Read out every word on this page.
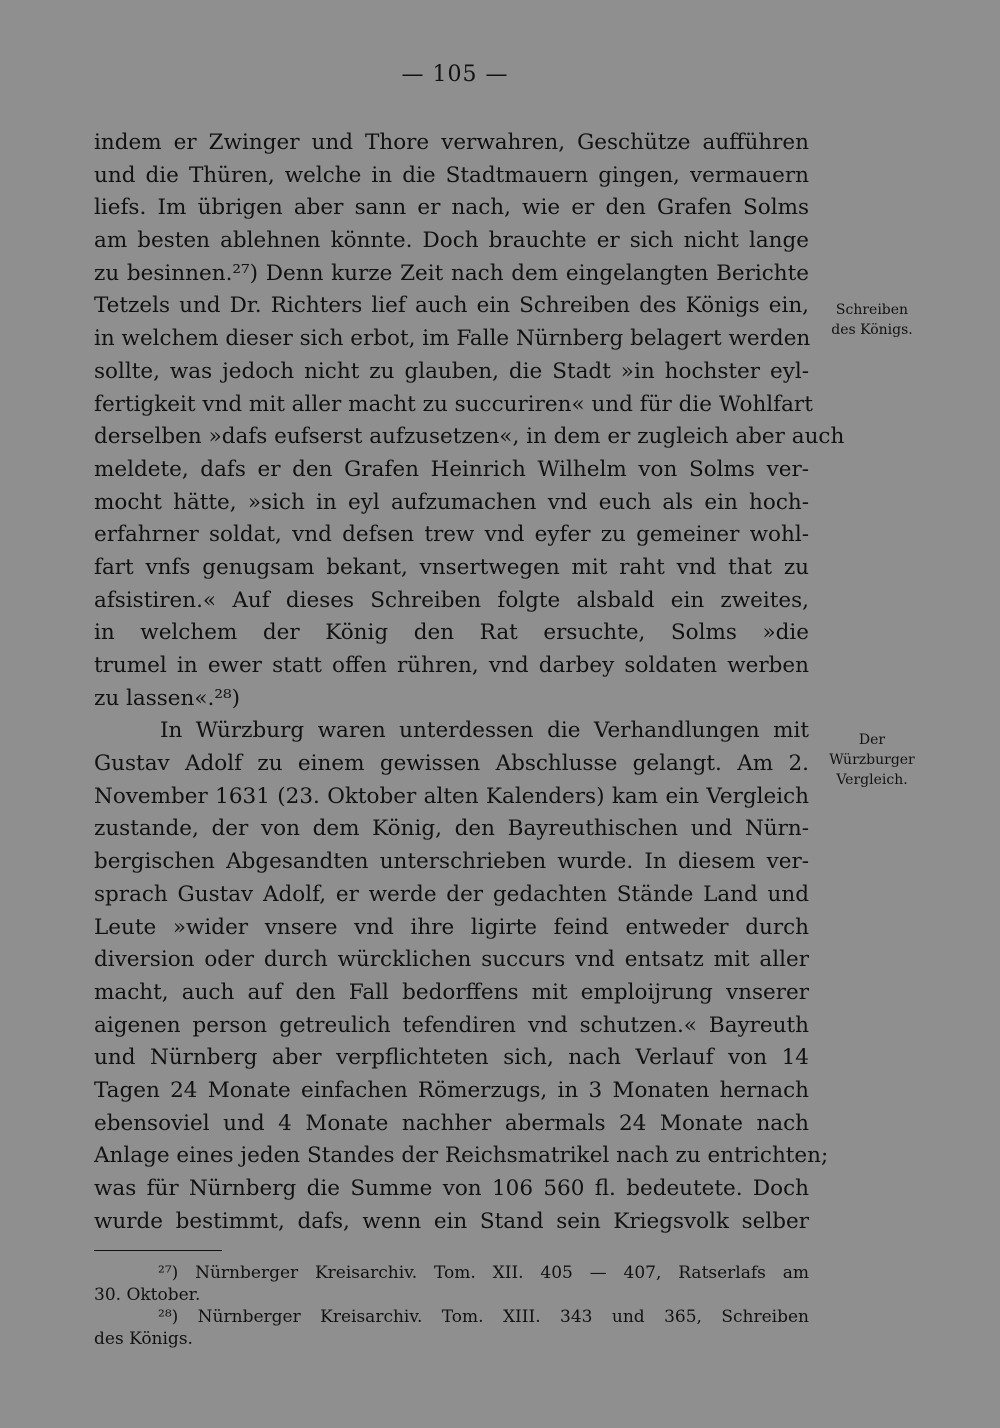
— 105 —
indem er Zwinger und Thore verwahren, Geschütze aufführen
und die Thüren, welche in die Stadtmauern gingen, vermauern
liefs. Im übrigen aber sann er nach, wie er den Grafen Solms
am besten ablehnen könnte. Doch brauchte er sich nicht lange
zu besinnen.²⁷) Denn kurze Zeit nach dem eingelangten Berichte
Tetzels und Dr. Richters lief auch ein Schreiben des Königs ein,
in welchem dieser sich erbot, im Falle Nürnberg belagert werden
sollte, was jedoch nicht zu glauben, die Stadt »in hochster eyl-
fertigkeit vnd mit aller macht zu succuriren« und für die Wohlfart
derselben »dafs eufserst aufzusetzen«, in dem er zugleich aber auch
meldete, dafs er den Grafen Heinrich Wilhelm von Solms ver-
mocht hätte, »sich in eyl aufzumachen vnd euch als ein hoch-
erfahrner soldat, vnd defsen trew vnd eyfer zu gemeiner wohl-
fart vnfs genugsam bekant, vnsertwegen mit raht vnd that zu
afsistiren.« Auf dieses Schreiben folgte alsbald ein zweites,
in welchem der König den Rat ersuchte, Solms »die
trumel in ewer statt offen rühren, vnd darbey soldaten werben
zu lassen«.²⁸)
In Würzburg waren unterdessen die Verhandlungen mit
Gustav Adolf zu einem gewissen Abschlusse gelangt. Am 2.
November 1631 (23. Oktober alten Kalenders) kam ein Vergleich
zustande, der von dem König, den Bayreuthischen und Nürn-
bergischen Abgesandten unterschrieben wurde. In diesem ver-
sprach Gustav Adolf, er werde der gedachten Stände Land und
Leute »wider vnsere vnd ihre ligirte feind entweder durch
diversion oder durch würcklichen succurs vnd entsatz mit aller
macht, auch auf den Fall bedorffens mit emploijrung vnserer
aigenen person getreulich tefendiren vnd schutzen.« Bayreuth
und Nürnberg aber verpflichteten sich, nach Verlauf von 14
Tagen 24 Monate einfachen Römerzugs, in 3 Monaten hernach
ebensoviel und 4 Monate nachher abermals 24 Monate nach
Anlage eines jeden Standes der Reichsmatrikel nach zu entrichten;
was für Nürnberg die Summe von 106 560 fl. bedeutete. Doch
wurde bestimmt, dafs, wenn ein Stand sein Kriegsvolk selber
Schreiben
des Königs.
Der
Würzburger
Vergleich.
²⁷) Nürnberger Kreisarchiv. Tom. XII. 405 — 407, Ratserlafs am
30. Oktober.
²⁸) Nürnberger Kreisarchiv. Tom. XIII. 343 und 365, Schreiben
des Königs.
